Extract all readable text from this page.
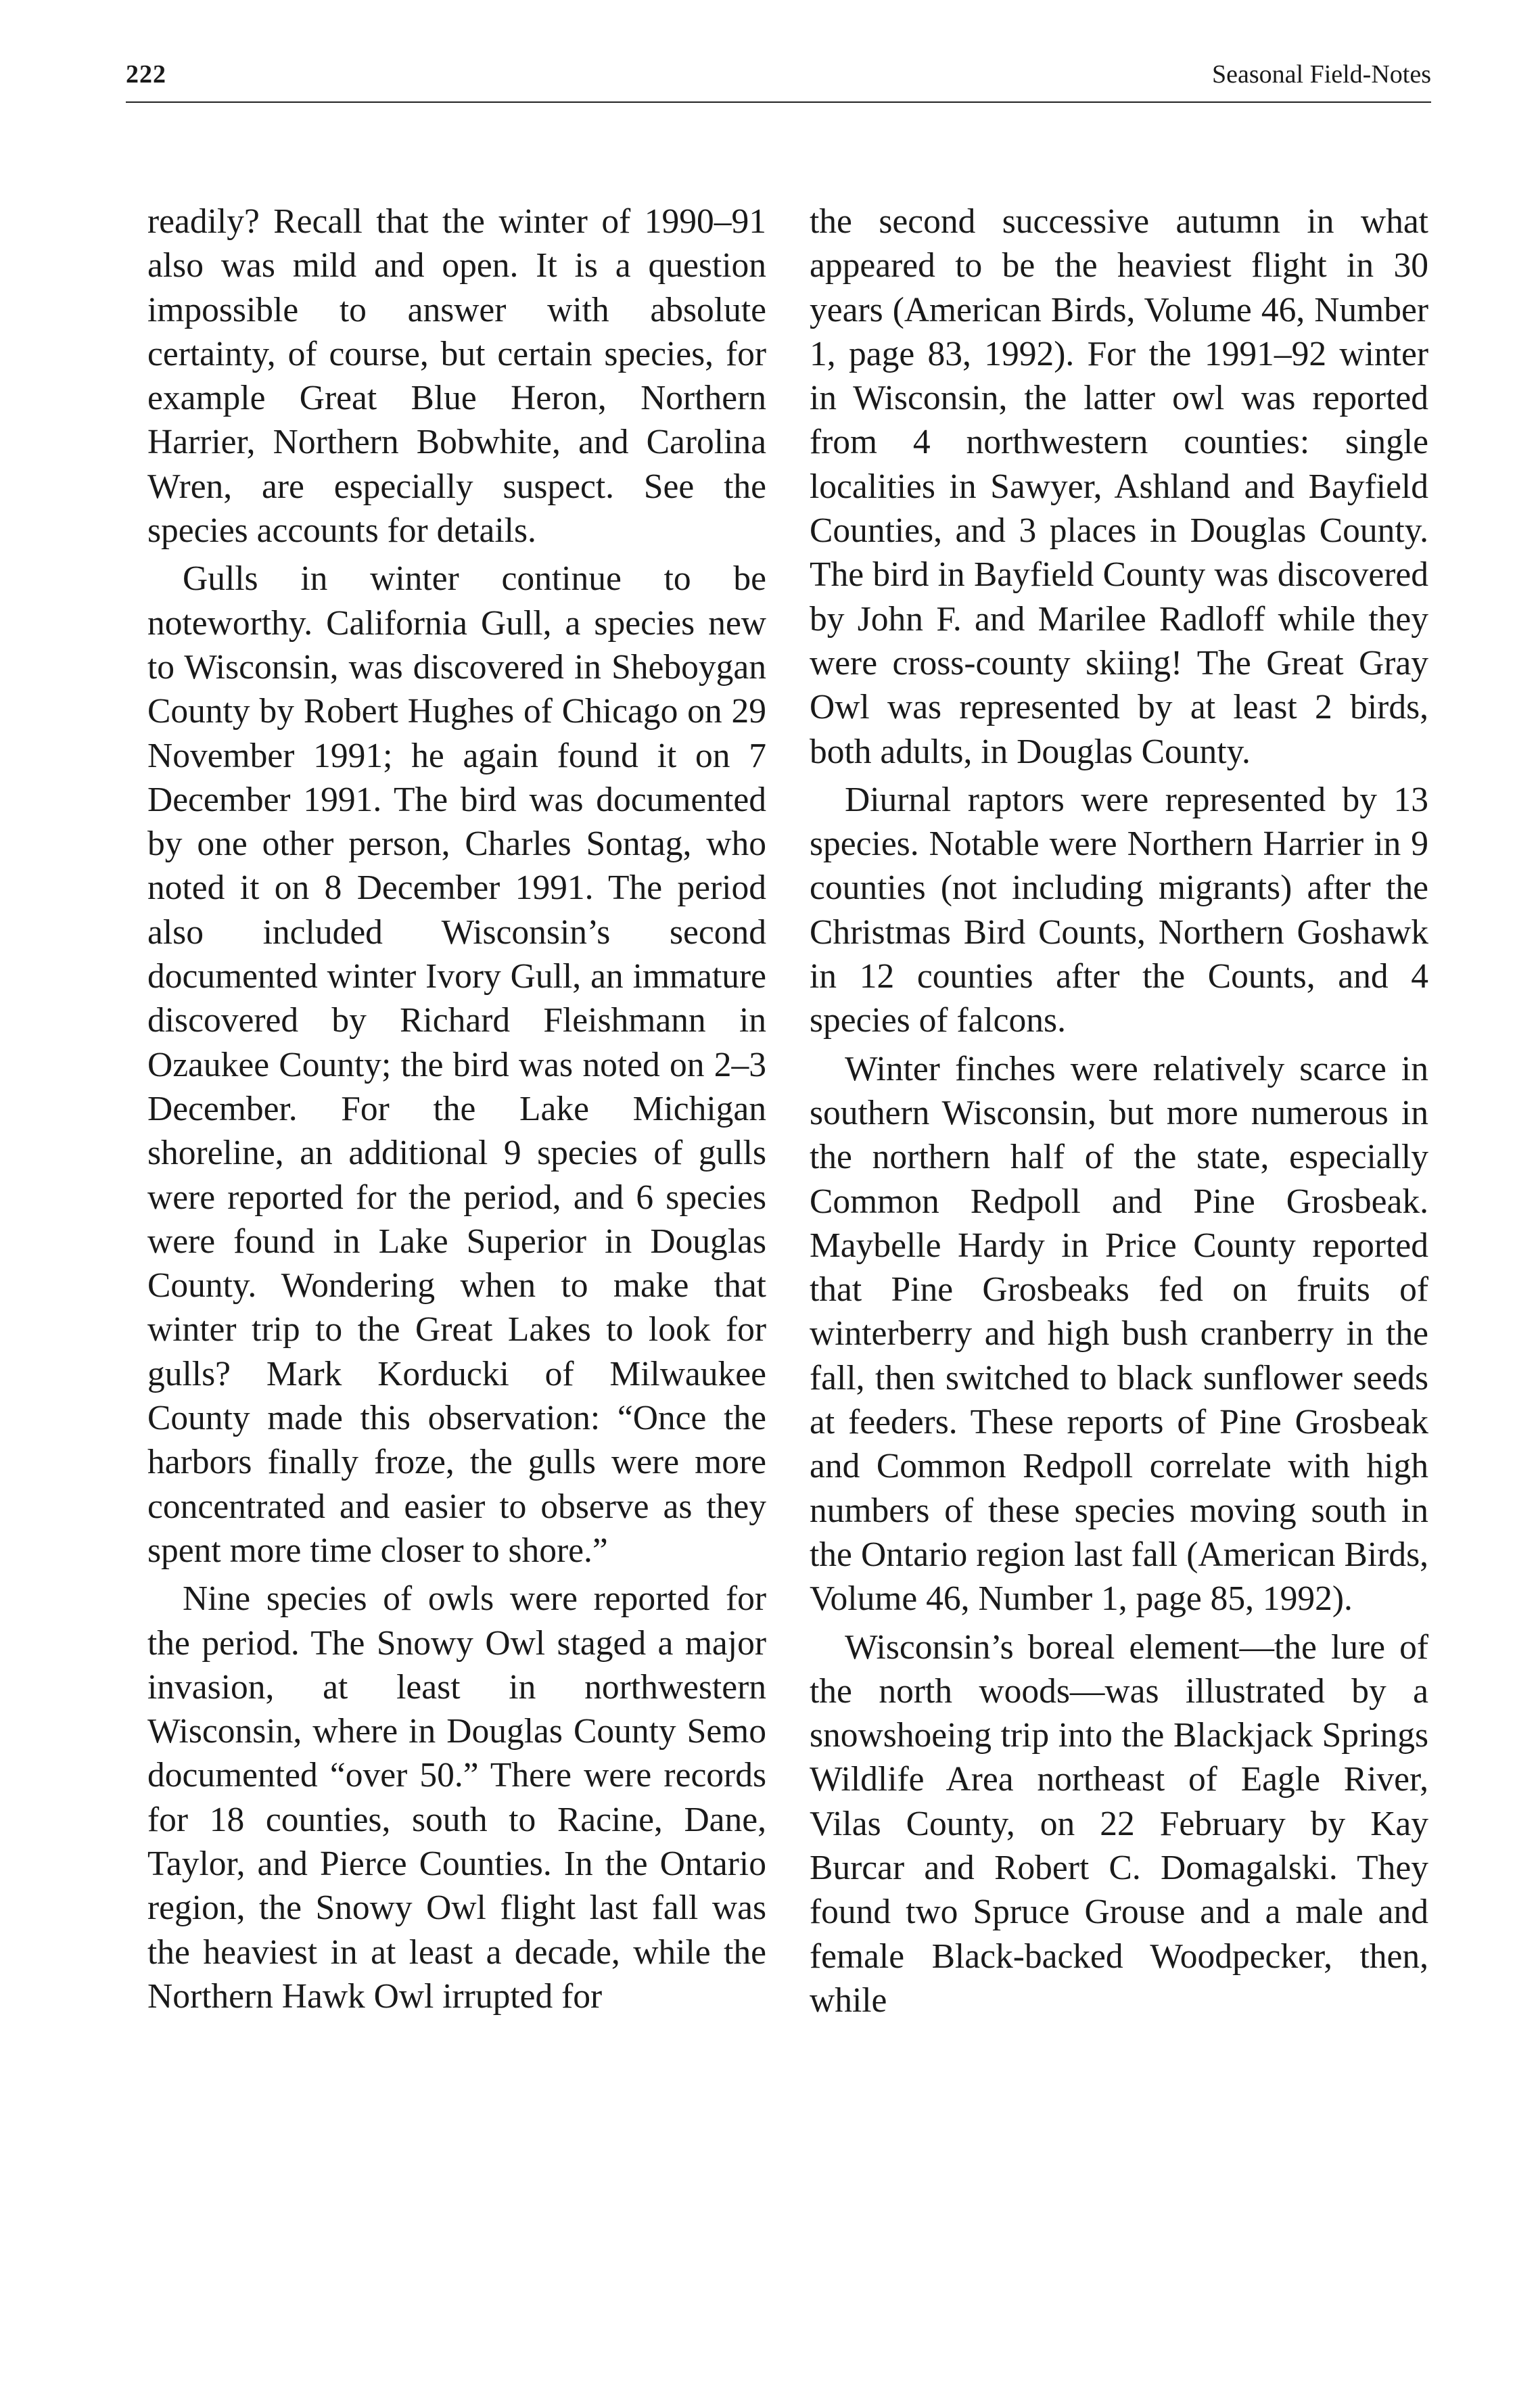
222	Seasonal Field-Notes

readily? Recall that the winter of 1990–91 also was mild and open. It is a question impossible to answer with absolute certainty, of course, but certain species, for example Great Blue Heron, Northern Harrier, Northern Bobwhite, and Carolina Wren, are especially suspect. See the species accounts for details.

Gulls in winter continue to be noteworthy. California Gull, a species new to Wisconsin, was discovered in Sheboygan County by Robert Hughes of Chicago on 29 November 1991; he again found it on 7 December 1991. The bird was documented by one other person, Charles Sontag, who noted it on 8 December 1991. The period also included Wisconsin’s second documented winter Ivory Gull, an immature discovered by Richard Fleishmann in Ozaukee County; the bird was noted on 2–3 December. For the Lake Michigan shoreline, an additional 9 species of gulls were reported for the period, and 6 species were found in Lake Superior in Douglas County. Wondering when to make that winter trip to the Great Lakes to look for gulls? Mark Korducki of Milwaukee County made this observation: “Once the harbors finally froze, the gulls were more concentrated and easier to observe as they spent more time closer to shore.”

Nine species of owls were reported for the period. The Snowy Owl staged a major invasion, at least in northwestern Wisconsin, where in Douglas County Semo documented “over 50.” There were records for 18 counties, south to Racine, Dane, Taylor, and Pierce Counties. In the Ontario region, the Snowy Owl flight last fall was the heaviest in at least a decade, while the Northern Hawk Owl irrupted for

the second successive autumn in what appeared to be the heaviest flight in 30 years (American Birds, Volume 46, Number 1, page 83, 1992). For the 1991–92 winter in Wisconsin, the latter owl was reported from 4 northwestern counties: single localities in Sawyer, Ashland and Bayfield Counties, and 3 places in Douglas County. The bird in Bayfield County was discovered by John F. and Marilee Radloff while they were cross-county skiing! The Great Gray Owl was represented by at least 2 birds, both adults, in Douglas County.

Diurnal raptors were represented by 13 species. Notable were Northern Harrier in 9 counties (not including migrants) after the Christmas Bird Counts, Northern Goshawk in 12 counties after the Counts, and 4 species of falcons.

Winter finches were relatively scarce in southern Wisconsin, but more numerous in the northern half of the state, especially Common Redpoll and Pine Grosbeak. Maybelle Hardy in Price County reported that Pine Grosbeaks fed on fruits of winterberry and high bush cranberry in the fall, then switched to black sunflower seeds at feeders. These reports of Pine Grosbeak and Common Redpoll correlate with high numbers of these species moving south in the Ontario region last fall (American Birds, Volume 46, Number 1, page 85, 1992).

Wisconsin’s boreal element—the lure of the north woods—was illustrated by a snowshoeing trip into the Blackjack Springs Wildlife Area northeast of Eagle River, Vilas County, on 22 February by Kay Burcar and Robert C. Domagalski. They found two Spruce Grouse and a male and female Black-backed Woodpecker, then, while
